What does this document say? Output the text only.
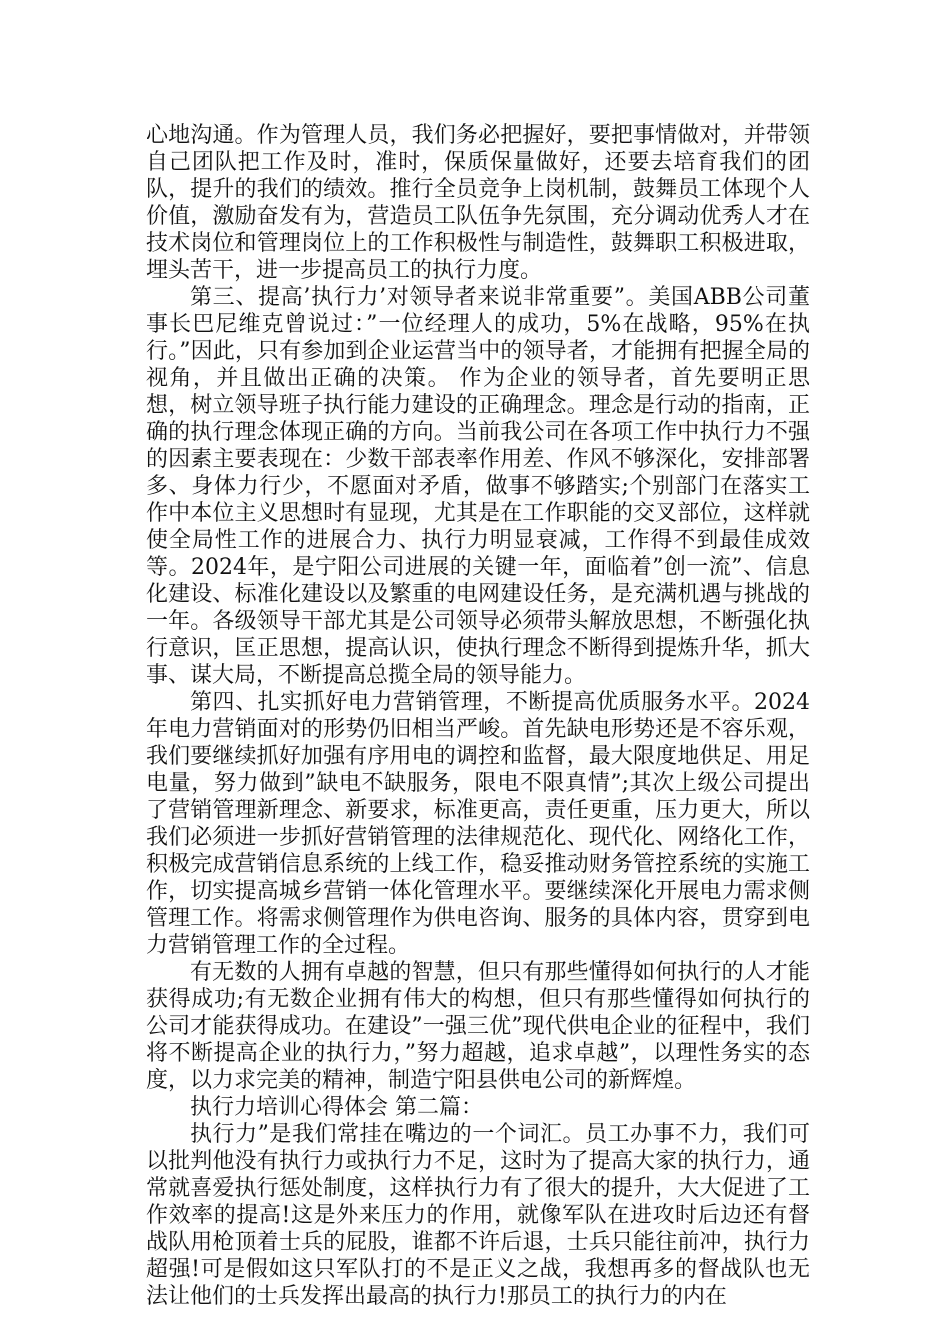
心地沟通。作为管理人员，我们务必把握好，要把事情做对，并带领自己团队把工作及时，准时，保质保量做好，还要去培育我们的团队，提升的我们的绩效。推行全员竞争上岗机制，鼓舞员工体现个人价值，激励奋发有为，营造员工队伍争先氛围，充分调动优秀人才在技术岗位和管理岗位上的工作积极性与制造性，鼓舞职工积极进取，埋头苦干，进一步提高员工的执行力度。

第三、提高’执行力’对领导者来说非常重要”。美国ABB公司董事长巴尼维克曾说过：”一位经理人的成功，5%在战略，95%在执行。”因此，只有参加到企业运营当中的领导者，才能拥有把握全局的视角，并且做出正确的决策。 作为企业的领导者，首先要明正思想，树立领导班子执行能力建设的正确理念。理念是行动的指南，正确的执行理念体现正确的方向。当前我公司在各项工作中执行力不强的因素主要表现在：少数干部表率作用差、作风不够深化，安排部署多、身体力行少，不愿面对矛盾，做事不够踏实;个别部门在落实工作中本位主义思想时有显现，尤其是在工作职能的交叉部位，这样就使全局性工作的进展合力、执行力明显衰减，工作得不到最佳成效等。2024年，是宁阳公司进展的关键一年，面临着”创一流”、信息化建设、标准化建设以及繁重的电网建设任务，是充满机遇与挑战的一年。各级领导干部尤其是公司领导必须带头解放思想，不断强化执行意识，匡正思想，提高认识，使执行理念不断得到提炼升华，抓大事、谋大局，不断提高总揽全局的领导能力。

第四、扎实抓好电力营销管理，不断提高优质服务水平。2024年电力营销面对的形势仍旧相当严峻。首先缺电形势还是不容乐观，我们要继续抓好加强有序用电的调控和监督，最大限度地供足、用足电量，努力做到”缺电不缺服务，限电不限真情”;其次上级公司提出了营销管理新理念、新要求，标准更高，责任更重，压力更大，所以我们必须进一步抓好营销管理的法律规范化、现代化、网络化工作，积极完成营销信息系统的上线工作，稳妥推动财务管控系统的实施工作，切实提高城乡营销一体化管理水平。要继续深化开展电力需求侧管理工作。将需求侧管理作为供电咨询、服务的具体内容，贯穿到电力营销管理工作的全过程。

有无数的人拥有卓越的智慧，但只有那些懂得如何执行的人才能获得成功;有无数企业拥有伟大的构想，但只有那些懂得如何执行的公司才能获得成功。在建设”一强三优”现代供电企业的征程中，我们将不断提高企业的执行力，”努力超越，追求卓越”，以理性务实的态度，以力求完美的精神，制造宁阳县供电公司的新辉煌。

执行力培训心得体会 第二篇：

执行力”是我们常挂在嘴边的一个词汇。员工办事不力，我们可以批判他没有执行力或执行力不足，这时为了提高大家的执行力，通常就喜爱执行惩处制度，这样执行力有了很大的提升，大大促进了工作效率的提高!这是外来压力的作用，就像军队在进攻时后边还有督战队用枪顶着士兵的屁股，谁都不许后退，士兵只能往前冲，执行力超强!可是假如这只军队打的不是正义之战，我想再多的督战队也无法让他们的士兵发挥出最高的执行力!那员工的执行力的内在
